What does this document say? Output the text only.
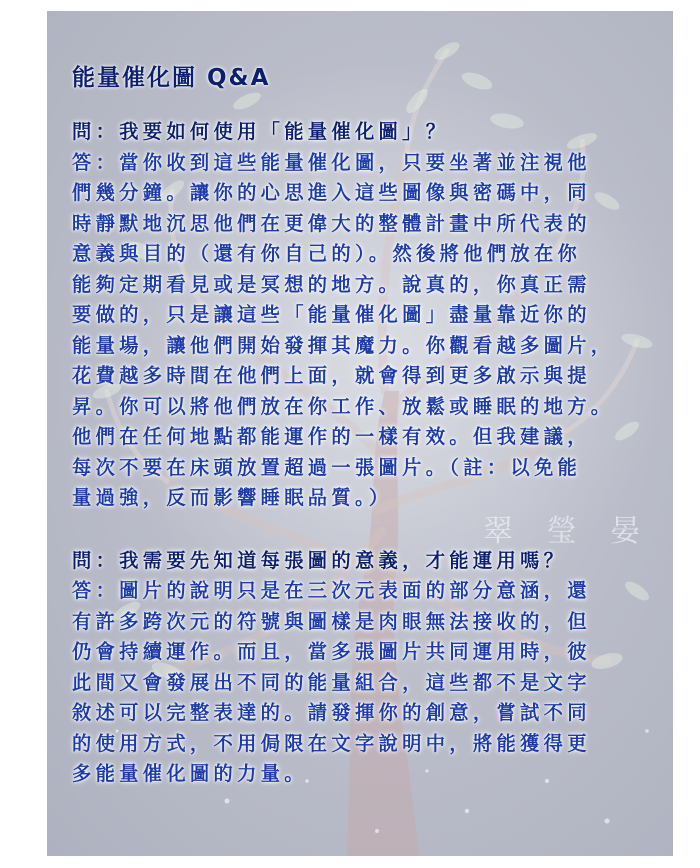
翠 瑩 晏
能量催化圖 Q&A
問：我要如何使用「能量催化圖」？
答：當你收到這些能量催化圖，只要坐著並注視他
們幾分鐘。讓你的心思進入這些圖像與密碼中，同
時靜默地沉思他們在更偉大的整體計畫中所代表的
意義與目的（還有你自己的）。然後將他們放在你
能夠定期看見或是冥想的地方。說真的，你真正需
要做的，只是讓這些「能量催化圖」盡量靠近你的
能量場，讓他們開始發揮其魔力。你觀看越多圖片，
花費越多時間在他們上面，就會得到更多啟示與提
昇。你可以將他們放在你工作、放鬆或睡眠的地方。
他們在任何地點都能運作的一樣有效。但我建議，
每次不要在床頭放置超過一張圖片。（註：以免能
量過強，反而影響睡眠品質。）
問：我需要先知道每張圖的意義，才能運用嗎？
答：圖片的說明只是在三次元表面的部分意涵，還
有許多跨次元的符號與圖樣是肉眼無法接收的，但
仍會持續運作。而且，當多張圖片共同運用時，彼
此間又會發展出不同的能量組合，這些都不是文字
敘述可以完整表達的。請發揮你的創意，嘗試不同
的使用方式，不用侷限在文字說明中，將能獲得更
多能量催化圖的力量。
